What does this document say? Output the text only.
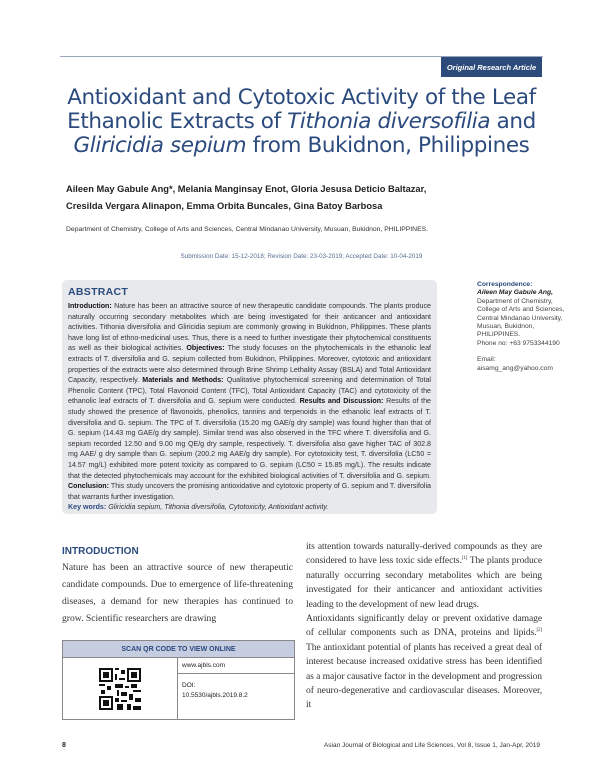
Original Research Article
Antioxidant and Cytotoxic Activity of the Leaf Ethanolic Extracts of Tithonia diversofilia and
Gliricidia sepium from Bukidnon, Philippines
Aileen May Gabule Ang*, Melania Manginsay Enot, Gloria Jesusa Deticio Baltazar,
Cresilda Vergara Alinapon, Emma Orbita Buncales, Gina Batoy Barbosa
Department of Chemistry, College of Arts and Sciences, Central Mindanao University, Musuan, Bukidnon, PHILIPPINES.
Submission Date: 15-12-2018; Revision Date: 23-03-2019; Accepted Date: 10-04-2019
ABSTRACT

Introduction: Nature has been an attractive source of new therapeutic candidate compounds. The plants produce naturally occurring secondary metabolites which are being investigated for their anticancer and antioxidant activities. Tithonia diversifolia and Gliricidia sepium are commonly growing in Bukidnon, Philippines. These plants have long list of ethno-medicinal uses. Thus, there is a need to further investigate their phytochemical constituents as well as their biological activities. Objectives: The study focuses on the phytochemicals in the ethanolic leaf extracts of T. diversifolia and G. sepium collected from Bukidnon, Philippines. Moreover, cytotoxic and antioxidant properties of the extracts were also determined through Brine Shrimp Lethality Assay (BSLA) and Total Antioxidant Capacity, respectively. Materials and Methods: Qualitative phytochemical screening and determination of Total Phenolic Content (TPC), Total Flavonoid Content (TFC), Total Antioxidant Capacity (TAC) and cytotoxicity of the ethanolic leaf extracts of T. diversifolia and G. sepium were conducted. Results and Discussion: Results of the study showed the presence of flavonoids, phenolics, tannins and terpenoids in the ethanolic leaf extracts of T. diversifolia and G. sepium. The TPC of T. diversifolia (15.20 mg GAE/g dry sample) was found higher than that of G. sepium (14.43 mg GAE/g dry sample). Similar trend was also observed in the TFC where T. diversifolia and G. sepium recorded 12.50 and 9.00 mg QE/g dry sample, respectively. T. diversifolia also gave higher TAC of 302.8 mg AAE/ g dry sample than G. sepium (200.2 mg AAE/g dry sample). For cytotoxicity test, T. diversifolia (LC50 = 14.57 mg/L) exhibited more potent toxicity as compared to G. sepium (LC50 = 15.85 mg/L). The results indicate that the detected phytochemicals may account for the exhibited biological activities of T. diversifolia and G. sepium. Conclusion: This study uncovers the promising antioxidative and cytotoxic property of G. sepium and T. diversifolia that warrants further investigation.
Key words: Gliricidia sepium, Tithonia diversifolia, Cytotoxicity, Antioxidant activity.

Correspondence:
Aileen May Gabule Ang,
Department of Chemistry, College of Arts and Sciences, Central Mindanao University, Musuan, Bukidnon, PHILIPPINES.
Phone no: +63 9753344190
Email: aisamg_ang@yahoo.com
INTRODUCTION

Nature has been an attractive source of new therapeutic candidate compounds. Due to emergence of life-threatening diseases, a demand for new therapies has continued to grow. Scientific researchers are drawing

its attention towards naturally-derived compounds as they are considered to have less toxic side effects.[1] The plants produce naturally occurring secondary metabolites which are being investigated for their anticancer and antioxidant activities leading to the development of new lead drugs.

Antioxidants significantly delay or prevent oxidative damage of cellular components such as DNA, proteins and lipids.[2] The antioxidant potential of plants has received a great deal of interest because increased oxidative stress has been identified as a major causative factor in the development and progression of neuro-degenerative and cardiovascular diseases. Moreover, it

SCAN QR CODE TO VIEW ONLINE
www.ajbls.com
DOI:
10.5530/ajbls.2019.8.2
8	Asian Journal of Biological and Life Sciences, Vol 8, Issue 1, Jan-Apr, 2019
